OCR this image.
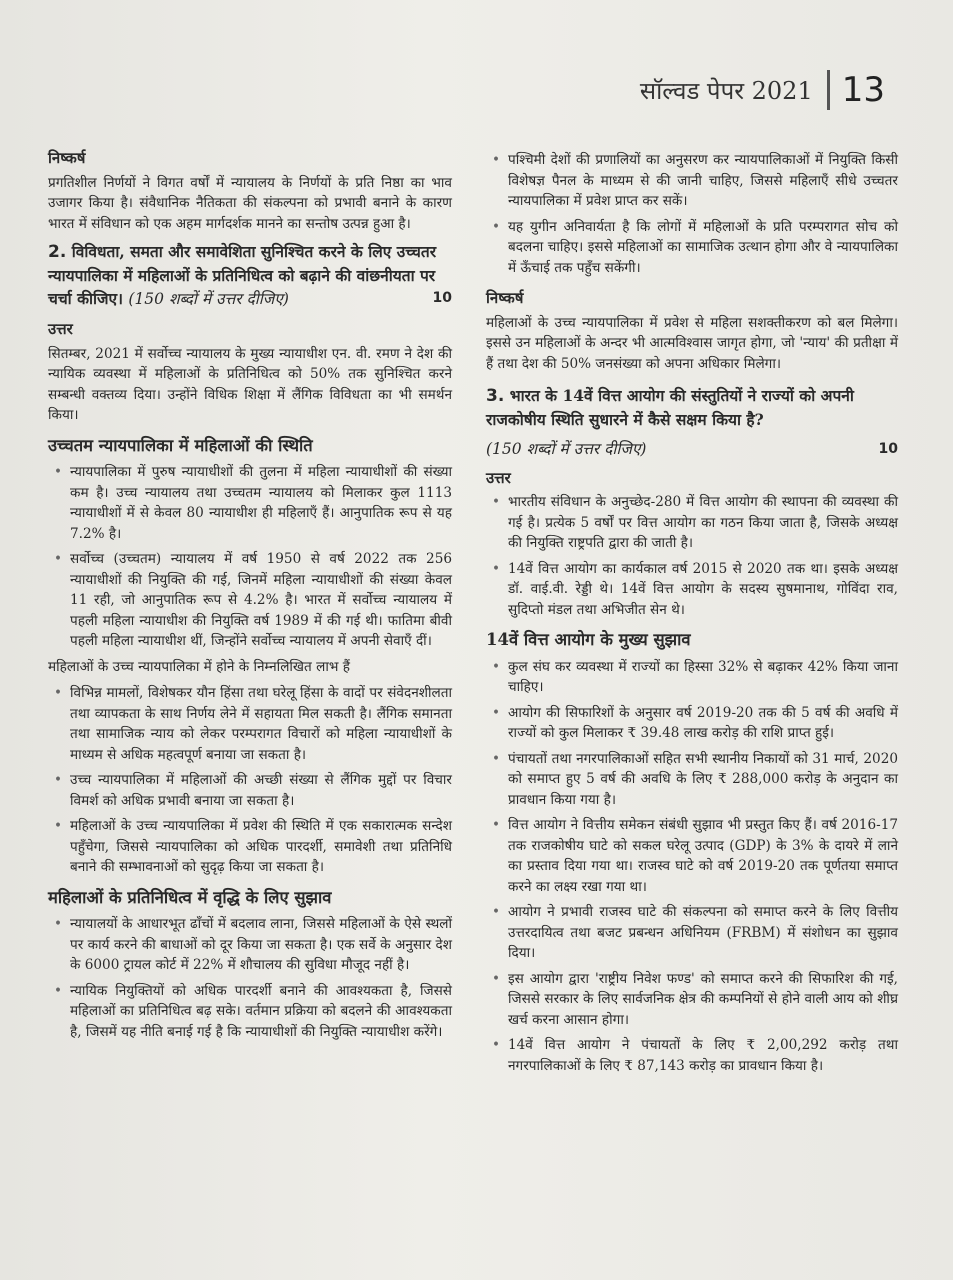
सॉल्वड पेपर 2021 13
निष्कर्ष

प्रगतिशील निर्णयों ने विगत वर्षों में न्यायालय के निर्णयों के प्रति निष्ठा का भाव उजागर किया है। संवैधानिक नैतिकता की संकल्पना को प्रभावी बनाने के कारण भारत में संविधान को एक अहम मार्गदर्शक मानने का सन्तोष उत्पन्न हुआ है।

2. विविधता, समता और समावेशिता सुनिश्चित करने के लिए उच्चतर न्यायपालिका में महिलाओं के प्रतिनिधित्व को बढ़ाने की वांछनीयता पर चर्चा कीजिए। (150 शब्दों में उत्तर दीजिए)	10
उत्तर

सितम्बर, 2021 में सर्वोच्च न्यायालय के मुख्य न्यायाधीश एन. वी. रमण ने देश की न्यायिक व्यवस्था में महिलाओं के प्रतिनिधित्व को 50% तक सुनिश्चित करने सम्बन्धी वक्तव्य दिया। उन्होंने विधिक शिक्षा में लैंगिक विविधता का भी समर्थन किया।

उच्चतम न्यायपालिका में महिलाओं की स्थिति
• न्यायपालिका में पुरुष न्यायाधीशों की तुलना में महिला न्यायाधीशों की संख्या कम है। उच्च न्यायालय तथा उच्चतम न्यायालय को मिलाकर कुल 1113 न्यायाधीशों में से केवल 80 न्यायाधीश ही महिलाएँ हैं। आनुपातिक रूप से यह 7.2% है।
• सर्वोच्च (उच्चतम) न्यायालय में वर्ष 1950 से वर्ष 2022 तक 256 न्यायाधीशों की नियुक्ति की गई, जिनमें महिला न्यायाधीशों की संख्या केवल 11 रही, जो आनुपातिक रूप से 4.2% है। भारत में सर्वोच्च न्यायालय में पहली महिला न्यायाधीश की नियुक्ति वर्ष 1989 में की गई थी। फातिमा बीवी पहली महिला न्यायाधीश थीं, जिन्होंने सर्वोच्च न्यायालय में अपनी सेवाएँ दीं।

महिलाओं के उच्च न्यायपालिका में होने के निम्नलिखित लाभ हैं

• विभिन्न मामलों, विशेषकर यौन हिंसा तथा घरेलू हिंसा के वादों पर संवेदनशीलता तथा व्यापकता के साथ निर्णय लेने में सहायता मिल सकती है। लैंगिक समानता तथा सामाजिक न्याय को लेकर परम्परागत विचारों को महिला न्यायाधीशों के माध्यम से अधिक महत्वपूर्ण बनाया जा सकता है।
• उच्च न्यायपालिका में महिलाओं की अच्छी संख्या से लैंगिक मुद्दों पर विचार विमर्श को अधिक प्रभावी बनाया जा सकता है।
• महिलाओं के उच्च न्यायपालिका में प्रवेश की स्थिति में एक सकारात्मक सन्देश पहुँचेगा, जिससे न्यायपालिका को अधिक पारदर्शी, समावेशी तथा प्रतिनिधि बनाने की सम्भावनाओं को सुदृढ़ किया जा सकता है।
महिलाओं के प्रतिनिधित्व में वृद्धि के लिए सुझाव
• न्यायालयों के आधारभूत ढाँचों में बदलाव लाना, जिससे महिलाओं के ऐसे स्थलों पर कार्य करने की बाधाओं को दूर किया जा सकता है। एक सर्वे के अनुसार देश के 6000 ट्रायल कोर्ट में 22% में शौचालय की सुविधा मौजूद नहीं है।
• न्यायिक नियुक्तियों को अधिक पारदर्शी बनाने की आवश्यकता है, जिससे महिलाओं का प्रतिनिधित्व बढ़ सके। वर्तमान प्रक्रिया को बदलने की आवश्यकता है, जिसमें यह नीति बनाई गई है कि न्यायाधीशों की नियुक्ति न्यायाधीश करेंगे।
• पश्चिमी देशों की प्रणालियों का अनुसरण कर न्यायपालिकाओं में नियुक्ति किसी विशेषज्ञ पैनल के माध्यम से की जानी चाहिए, जिससे महिलाएँ सीधे उच्चतर न्यायपालिका में प्रवेश प्राप्त कर सकें।
• यह युगीन अनिवार्यता है कि लोगों में महिलाओं के प्रति परम्परागत सोच को बदलना चाहिए। इससे महिलाओं का सामाजिक उत्थान होगा और वे न्यायपालिका में ऊँचाई तक पहुँच सकेंगी।
निष्कर्ष

महिलाओं के उच्च न्यायपालिका में प्रवेश से महिला सशक्तीकरण को बल मिलेगा। इससे उन महिलाओं के अन्दर भी आत्मविश्वास जागृत होगा, जो 'न्याय' की प्रतीक्षा में हैं तथा देश की 50% जनसंख्या को अपना अधिकार मिलेगा।

3. भारत के 14वें वित्त आयोग की संस्तुतियों ने राज्यों को अपनी राजकोषीय स्थिति सुधारने में कैसे सक्षम किया है?
(150 शब्दों में उत्तर दीजिए)	10
उत्तर
• भारतीय संविधान के अनुच्छेद-280 में वित्त आयोग की स्थापना की व्यवस्था की गई है। प्रत्येक 5 वर्षों पर वित्त आयोग का गठन किया जाता है, जिसके अध्यक्ष की नियुक्ति राष्ट्रपति द्वारा की जाती है।
• 14वें वित्त आयोग का कार्यकाल वर्ष 2015 से 2020 तक था। इसके अध्यक्ष डॉ. वाई.वी. रेड्डी थे। 14वें वित्त आयोग के सदस्य सुषमानाथ, गोविंदा राव, सुदिप्तो मंडल तथा अभिजीत सेन थे।
14वें वित्त आयोग के मुख्य सुझाव
• कुल संघ कर व्यवस्था में राज्यों का हिस्सा 32% से बढ़ाकर 42% किया जाना चाहिए।
• आयोग की सिफारिशों के अनुसार वर्ष 2019-20 तक की 5 वर्ष की अवधि में राज्यों को कुल मिलाकर ₹ 39.48 लाख करोड़ की राशि प्राप्त हुई।
• पंचायतों तथा नगरपालिकाओं सहित सभी स्थानीय निकायों को 31 मार्च, 2020 को समाप्त हुए 5 वर्ष की अवधि के लिए ₹ 288,000 करोड़ के अनुदान का प्रावधान किया गया है।
• वित्त आयोग ने वित्तीय समेकन संबंधी सुझाव भी प्रस्तुत किए हैं। वर्ष 2016-17 तक राजकोषीय घाटे को सकल घरेलू उत्पाद (GDP) के 3% के दायरे में लाने का प्रस्ताव दिया गया था। राजस्व घाटे को वर्ष 2019-20 तक पूर्णतया समाप्त करने का लक्ष्य रखा गया था।
• आयोग ने प्रभावी राजस्व घाटे की संकल्पना को समाप्त करने के लिए वित्तीय उत्तरदायित्व तथा बजट प्रबन्धन अधिनियम (FRBM) में संशोधन का सुझाव दिया।
• इस आयोग द्वारा 'राष्ट्रीय निवेश फण्ड' को समाप्त करने की सिफारिश की गई, जिससे सरकार के लिए सार्वजनिक क्षेत्र की कम्पनियों से होने वाली आय को शीघ्र खर्च करना आसान होगा।
• 14वें वित्त आयोग ने पंचायतों के लिए ₹ 2,00,292 करोड़ तथा नगरपालिकाओं के लिए ₹ 87,143 करोड़ का प्रावधान किया है।
